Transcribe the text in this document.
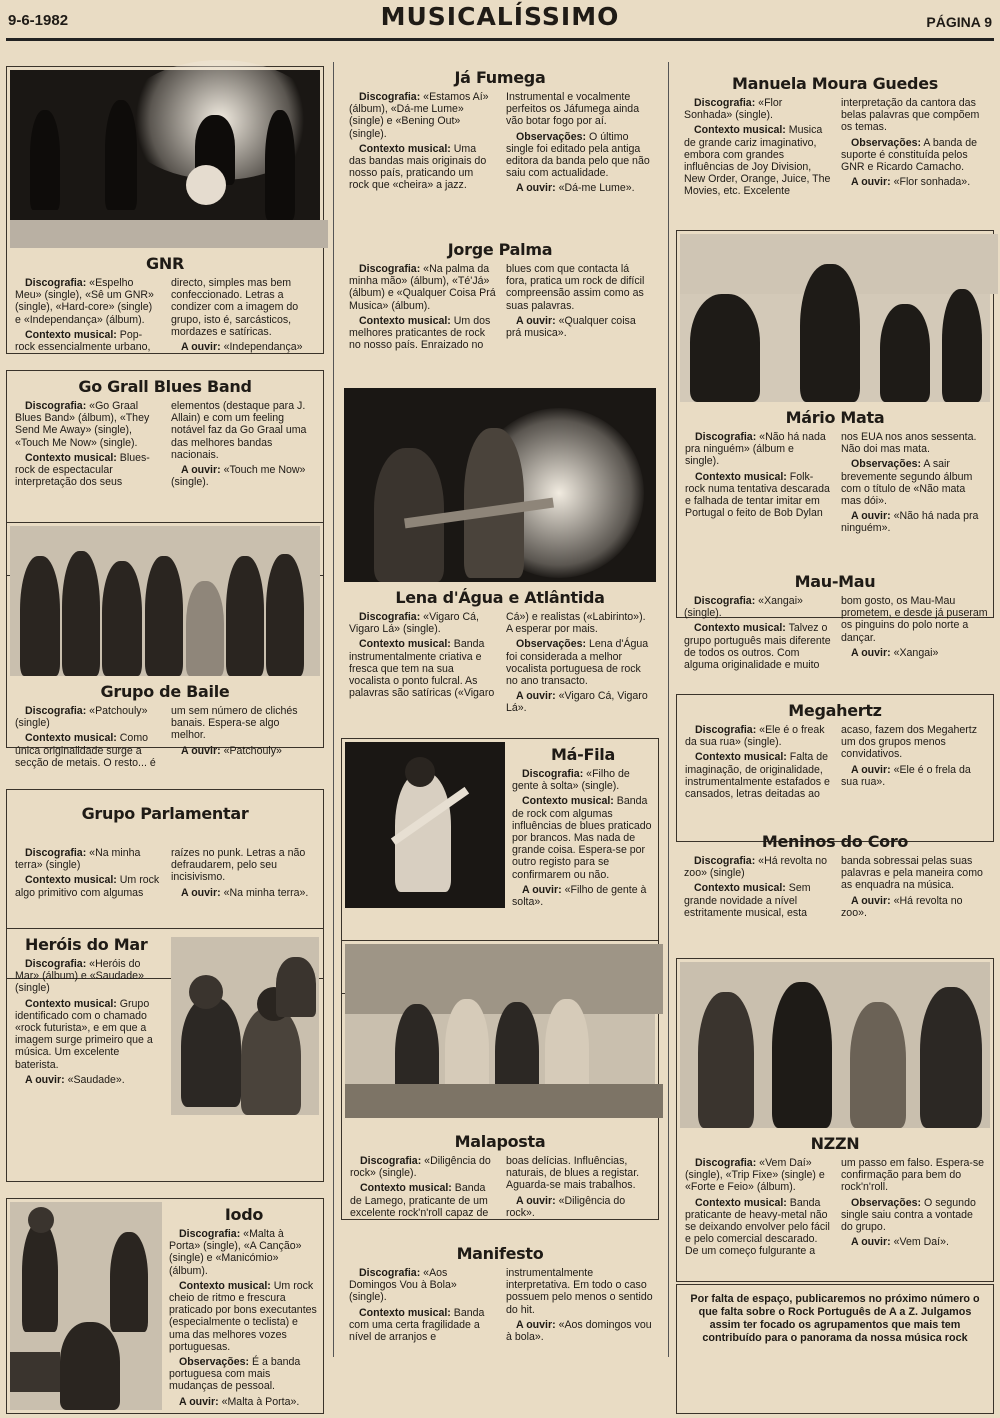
9-6-1982	MUSICALÍSSIMO	PÁGINA 9
GNR

Discografia: «Espelho Meu» (single), «Sê um GNR» (single), «Hard-core» (single) e «Independança» (álbum).

Contexto musical: Pop-rock essencialmente urbano, directo, simples mas bem confeccionado. Letras a condizer com a imagem do grupo, isto é, sarcásticos, mordazes e satíricas.

A ouvir: «Independança»

Go Grall Blues Band

Discografia: «Go Graal Blues Band» (álbum), «They Send Me Away» (single), «Touch Me Now» (single).

Contexto musical: Blues-rock de espectacular interpretação dos seus elementos (destaque para J. Allain) e com um feeling notável faz da Go Graal uma das melhores bandas nacionais.

A ouvir: «Touch me Now» (single).

Grupo de Baile

Discografia: «Patchouly» (single)

Contexto musical: Como única originalidade surge a secção de metais. O resto... é um sem número de clichés banais. Espera-se algo melhor.

A ouvir: «Patchouly»

Grupo Parlamentar

Discografia: «Na minha terra» (single)

Contexto musical: Um rock algo primitivo com algumas raízes no punk. Letras a não defraudarem, pelo seu incisivismo.

A ouvir: «Na minha terra».

Heróis do Mar

Discografia: «Heróis do Mar» (álbum) e «Saudade» (single)

Contexto musical: Grupo identificado com o chamado «rock futurista», e em que a imagem surge primeiro que a música. Um excelente baterista.

A ouvir: «Saudade».

Iodo

Discografia: «Malta à Porta» (single), «A Canção» (single) e «Manicómio» (álbum).

Contexto musical: Um rock cheio de ritmo e frescura praticado por bons executantes (especialmente o teclista) e uma das melhores vozes portuguesas.

Observações: É a banda portuguesa com mais mudanças de pessoal.

A ouvir: «Malta à Porta».

Já Fumega

Discografia: «Estamos Aí» (álbum), «Dá-me Lume» (single) e «Bening Out» (single).

Contexto musical: Uma das bandas mais originais do nosso país, praticando um rock que «cheira» a jazz. Instrumental e vocalmente perfeitos os Jáfumega ainda vão botar fogo por aí.

Observações: O último single foi editado pela antiga editora da banda pelo que não saiu com actualidade.

A ouvir: «Dá-me Lume».

Jorge Palma

Discografia: «Na palma da minha mão» (álbum), «Té'Já» (álbum) e «Qualquer Coisa Prá Musica» (álbum).

Contexto musical: Um dos melhores praticantes de rock no nosso país. Enraizado no blues com que contacta lá fora, pratica um rock de difícil compreensão assim como as suas palavras.

A ouvir: «Qualquer coisa prá musica».

Lena d'Água e Atlântida

Discografia: «Vigaro Cá, Vigaro Lá» (single).

Contexto musical: Banda instrumentalmente criativa e fresca que tem na sua vocalista o ponto fulcral. As palavras são satíricas («Vigaro Cá») e realistas («Labirinto»). A esperar por mais.

Observações: Lena d'Água foi considerada a melhor vocalista portuguesa de rock no ano transacto.

A ouvir: «Vigaro Cá, Vigaro Lá».

Má-Fila

Discografia: «Filho de gente à solta» (single).

Contexto musical: Banda de rock com algumas influências de blues praticado por brancos. Mas nada de grande coisa. Espera-se por outro registo para se confirmarem ou não.

A ouvir: «Filho de gente à solta».

Malaposta

Discografia: «Diligência do rock» (single).

Contexto musical: Banda de Lamego, praticante de um excelente rock'n'roll capaz de boas delícias. Influências, naturais, de blues a registar. Aguarda-se mais trabalhos.

A ouvir: «Diligência do rock».

Manifesto

Discografia: «Aos Domingos Vou à Bola» (single).

Contexto musical: Banda com uma certa fragilidade a nível de arranjos e instrumentalmente interpretativa. Em todo o caso possuem pelo menos o sentido do hit.

A ouvir: «Aos domingos vou à bola».

Manuela Moura Guedes

Discografia: «Flor Sonhada» (single).

Contexto musical: Musica de grande cariz imaginativo, embora com grandes influências de Joy Division, New Order, Orange, Juice, The Movies, etc. Excelente interpretação da cantora das belas palavras que compõem os temas.

Observações: A banda de suporte é constituída pelos GNR e Ricardo Camacho.

A ouvir: «Flor sonhada».

Mário Mata

Discografia: «Não há nada pra ninguém» (álbum e single).

Contexto musical: Folk-rock numa tentativa descarada e falhada de tentar imitar em Portugal o feito de Bob Dylan nos EUA nos anos sessenta. Não doi mas mata.

Observações: A sair brevemente segundo álbum com o título de «Não mata mas dói».

A ouvir: «Não há nada pra ninguém».

Mau-Mau

Discografia: «Xangai» (single).

Contexto musical: Talvez o grupo português mais diferente de todos os outros. Com alguma originalidade e muito bom gosto, os Mau-Mau prometem, e desde já puseram os pinguins do polo norte a dançar.

A ouvir: «Xangai»

Megahertz

Discografia: «Ele é o freak da sua rua» (single).

Contexto musical: Falta de imaginação, de originalidade, instrumentalmente estafados e cansados, letras deitadas ao acaso, fazem dos Megahertz um dos grupos menos convidativos.

A ouvir: «Ele é o frela da sua rua».

Meninos do Coro

Discografia: «Há revolta no zoo» (single)

Contexto musical: Sem grande novidade a nível estritamente musical, esta banda sobressai pelas suas palavras e pela maneira como as enquadra na música.

A ouvir: «Há revolta no zoo».

NZZN

Discografia: «Vem Daí» (single), «Trip Fixe» (single) e «Forte e Feio» (álbum).

Contexto musical: Banda praticante de heavy-metal não se deixando envolver pelo fácil e pelo comercial descarado. De um começo fulgurante a um passo em falso. Espera-se confirmação para bem do rock'n'roll.

Observações: O segundo single saiu contra a vontade do grupo.

A ouvir: «Vem Daí».

Por falta de espaço, publicaremos no próximo número o que falta sobre o Rock Português de A a Z. Julgamos assim ter focado os agrupamentos que mais tem contribuído para o panorama da nossa música rock
